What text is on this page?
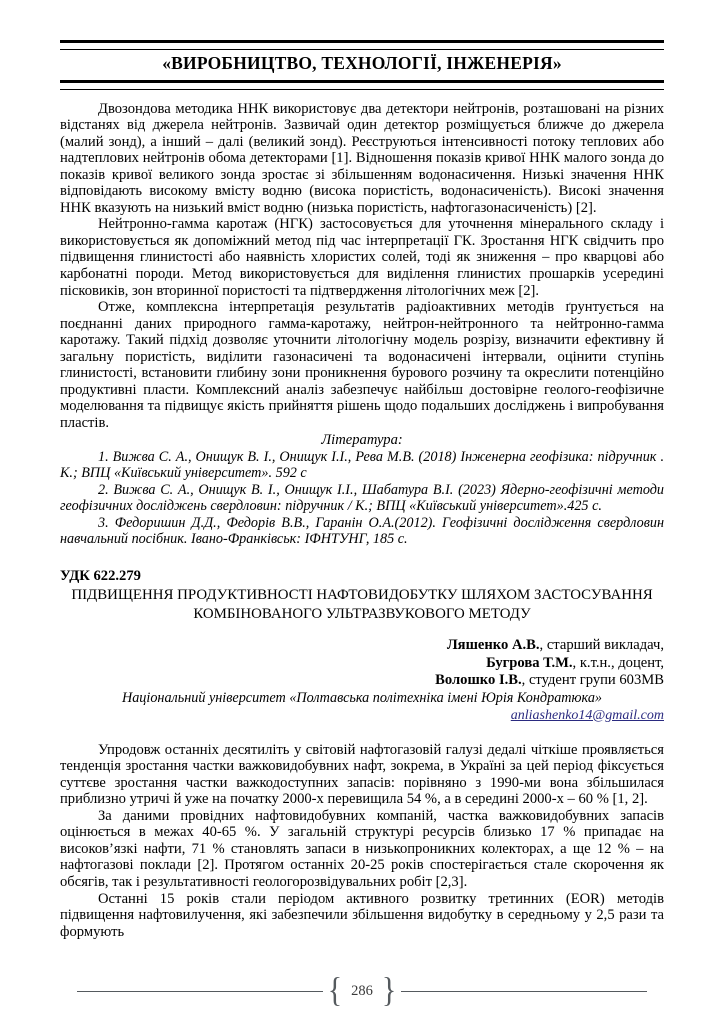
«ВИРОБНИЦТВО, ТЕХНОЛОГІЇ, ІНЖЕНЕРІЯ»

Двозондова методика ННК використовує два детектори нейтронів, розташовані на різних відстанях від джерела нейтронів. Зазвичай один детектор розміщується ближче до джерела (малий зонд), а інший – далі (великий зонд). Реєструються інтенсивності потоку теплових або надтеплових нейтронів обома детекторами [1]. Відношення показів кривої ННК малого зонда до показів кривої великого зонда зростає зі збільшенням водонасичення. Низькі значення ННК відповідають високому вмісту водню (висока пористість, водонасиченість). Високі значення ННК вказують на низький вміст водню (низька пористість, нафтогазонасиченість) [2].

Нейтронно-гамма каротаж (НГК) застосовується для уточнення мінерального складу і використовується як допоміжний метод під час інтерпретації ГК. Зростання НГК свідчить про підвищення глинистості або наявність хлористих солей, тоді як зниження – про кварцові або карбонатні породи. Метод використовується для виділення глинистих прошарків усередині пісковиків, зон вторинної пористості та підтвердження літологічних меж [2].

Отже, комплексна інтерпретація результатів радіоактивних методів ґрунтується на поєднанні даних природного гамма-каротажу, нейтрон-нейтронного та нейтронно-гамма каротажу. Такий підхід дозволяє уточнити літологічну модель розрізу, визначити ефективну й загальну пористість, виділити газонасичені та водонасичені інтервали, оцінити ступінь глинистості, встановити глибину зони проникнення бурового розчину та окреслити потенційно продуктивні пласти. Комплексний аналіз забезпечує найбільш достовірне геолого-геофізичне моделювання та підвищує якість прийняття рішень щодо подальших досліджень і випробування пластів.

Література:

1. Вижва С. А., Онищук В. І., Онищук І.І., Рева М.В. (2018) Інженерна геофізика: підручник . К.; ВПЦ «Київський університет». 592 с

2. Вижва С. А., Онищук В. І., Онищук І.І., Шабатура В.І. (2023) Ядерно-геофізичні методи геофізичних досліджень свердловин: підручник / К.; ВПЦ «Київський університет».425 с.

3. Федоришин Д.Д., Федорів В.В., Гаранін О.А.(2012). Геофізичні дослідження свердловин навчальний посібник. Івано-Франківськ: ІФНТУНГ, 185 с.

УДК 622.279
ПІДВИЩЕННЯ ПРОДУКТИВНОСТІ НАФТОВИДОБУТКУ ШЛЯХОМ ЗАСТОСУВАННЯ
КОМБІНОВАНОГО УЛЬТРАЗВУКОВОГО МЕТОДУ
Ляшенко А.В., старший викладач,
Бугрова Т.М., к.т.н., доцент,
Волошко І.В., студент групи 603МВ
Національний університет «Полтавська політехніка імені Юрія Кондратюка»
anliashenko14@gmail.com

Упродовж останніх десятиліть у світовій нафтогазовій галузі дедалі чіткіше проявляється тенденція зростання частки важковидобувних нафт, зокрема, в Україні за цей період фіксується суттєве зростання частки важкодоступних запасів: порівняно з 1990-ми вона збільшилася приблизно утричі й уже на початку 2000-х перевищила 54 %, а в середині 2000-х – 60 % [1, 2].

За даними провідних нафтовидобувних компаній, частка важковидобувних запасів оцінюється в межах 40-65 %. У загальній структурі ресурсів близько 17 % припадає на високов’язкі нафти, 71 % становлять запаси в низькопроникних колекторах, а ще 12 % – на нафтогазові поклади [2]. Протягом останніх 20-25 років спостерігається стале скорочення як обсягів, так і результативності геологорозвідувальних робіт [2,3].

Останні 15 років стали періодом активного розвитку третинних (EOR) методів підвищення нафтовилучення, які забезпечили збільшення видобутку в середньому у 2,5 рази та формують

{ 286 }
